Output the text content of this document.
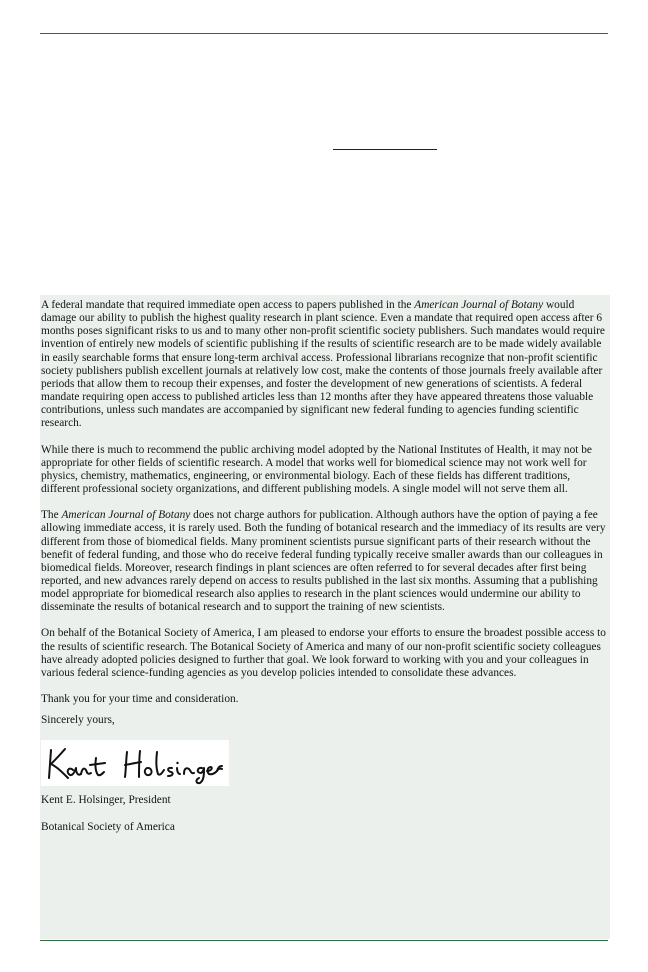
A federal mandate that required immediate open access to papers published in the American Journal of Botany would damage our ability to publish the highest quality research in plant science. Even a mandate that required open access after 6 months poses significant risks to us and to many other non-profit scientific society publishers. Such mandates would require invention of entirely new models of scientific publishing if the results of scientific research are to be made widely available in easily searchable forms that ensure long-term archival access. Professional librarians recognize that non-profit scientific society publishers publish excellent journals at relatively low cost, make the contents of those journals freely available after periods that allow them to recoup their expenses, and foster the development of new generations of scientists. A federal mandate requiring open access to published articles less than 12 months after they have appeared threatens those valuable contributions, unless such mandates are accompanied by significant new federal funding to agencies funding scientific research.

While there is much to recommend the public archiving model adopted by the National Institutes of Health, it may not be appropriate for other fields of scientific research. A model that works well for biomedical science may not work well for physics, chemistry, mathematics, engineering, or environmental biology. Each of these fields has different traditions, different professional society organizations, and different publishing models. A single model will not serve them all.

The American Journal of Botany does not charge authors for publication. Although authors have the option of paying a fee allowing immediate access, it is rarely used. Both the funding of botanical research and the immediacy of its results are very different from those of biomedical fields. Many prominent scientists pursue significant parts of their research without the benefit of federal funding, and those who do receive federal funding typically receive smaller awards than our colleagues in biomedical fields. Moreover, research findings in plant sciences are often referred to for several decades after first being reported, and new advances rarely depend on access to results published in the last six months. Assuming that a publishing model appropriate for biomedical research also applies to research in the plant sciences would undermine our ability to disseminate the results of botanical research and to support the training of new scientists.

On behalf of the Botanical Society of America, I am pleased to endorse your efforts to ensure the broadest possible access to the results of scientific research. The Botanical Society of America and many of our non-profit scientific society colleagues have already adopted policies designed to further that goal. We look forward to working with you and your colleagues in various federal science-funding agencies as you develop policies intended to consolidate these advances.

Thank you for your time and consideration.

Sincerely yours,

Kent E. Holsinger, President

Botanical Society of America
